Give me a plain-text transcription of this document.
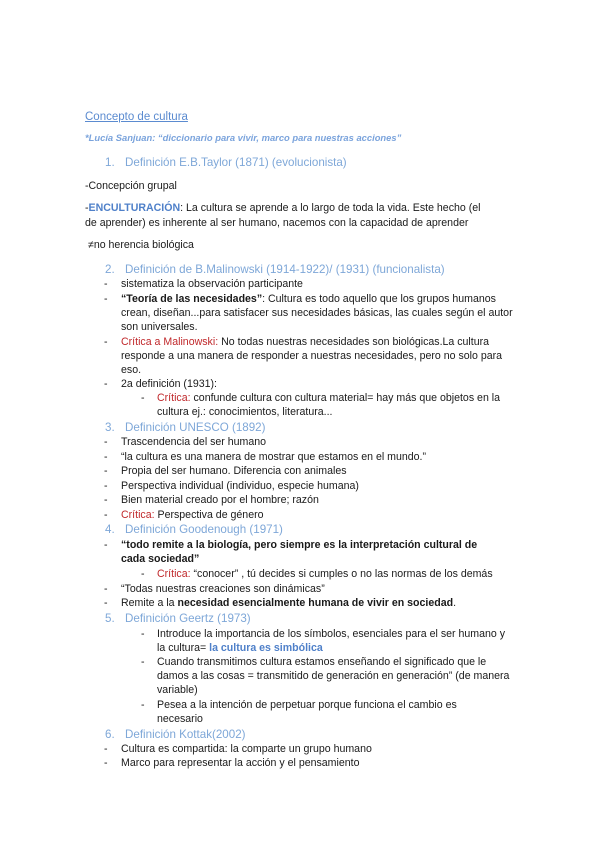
Concepto de cultura
*Lucía Sanjuan: “diccionario para vivir, marco para nuestras acciones”
1. Definición E.B.Taylor (1871) (evolucionista)
-Concepción grupal
-ENCULTURACIÓN: La cultura se aprende a lo largo de toda la vida. Este hecho (el
de aprender) es inherente al ser humano, nacemos con la capacidad de aprender
≠no herencia biológica
2. Definición de B.Malinowski (1914-1922)/ (1931) (funcionalista)
- sistematiza la observación participante
- “Teoría de las necesidades”: Cultura es todo aquello que los grupos humanos crean, diseñan...para satisfacer sus necesidades básicas, las cuales según el autor son universales.
- Crítica a Malinowski: No todas nuestras necesidades son biológicas.La cultura responde a una manera de responder a nuestras necesidades, pero no solo para eso.
- 2a definición (1931):
- Crítica: confunde cultura con cultura material= hay más que objetos en la cultura ej.: conocimientos, literatura...
3. Definición UNESCO (1892)
- Trascendencia del ser humano
- “la cultura es una manera de mostrar que estamos en el mundo.”
- Propia del ser humano. Diferencia con animales
- Perspectiva individual (individuo, especie humana)
- Bien material creado por el hombre; razón
- Crítica: Perspectiva de género
4. Definición Goodenough (1971)
- “todo remite a la biología, pero siempre es la interpretación cultural de cada sociedad”
- Crítica: “conocer” , tú decides si cumples o no las normas de los demás
- “Todas nuestras creaciones son dinámicas”
- Remite a la necesidad esencialmente humana de vivir en sociedad.
5. Definición Geertz (1973)
- Introduce la importancia de los símbolos, esenciales para el ser humano y la cultura= la cultura es simbólica
- Cuando transmitimos cultura estamos enseñando el significado que le damos a las cosas = transmitido de generación en generación” (de manera variable)
- Pesea a la intención de perpetuar porque funciona el cambio es necesario
6. Definición Kottak(2002)
- Cultura es compartida: la comparte un grupo humano
- Marco para representar la acción y el pensamiento
